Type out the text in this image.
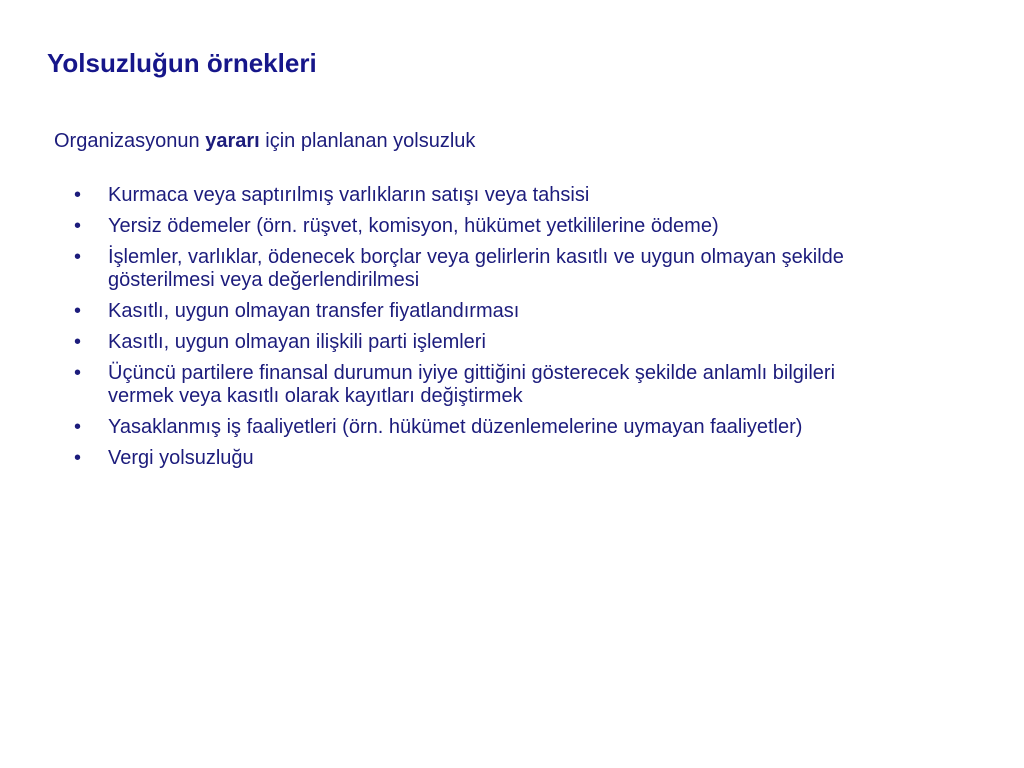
Yolsuzluğun örnekleri

Organizasyonun yararı için planlanan yolsuzluk

• Kurmaca veya saptırılmış varlıkların satışı veya tahsisi
• Yersiz ödemeler (örn. rüşvet, komisyon, hükümet yetkililerine ödeme)
• İşlemler, varlıklar, ödenecek borçlar veya gelirlerin kasıtlı ve uygun olmayan şekilde gösterilmesi veya değerlendirilmesi
• Kasıtlı, uygun olmayan transfer fiyatlandırması
• Kasıtlı, uygun olmayan ilişkili parti işlemleri
• Üçüncü partilere finansal durumun iyiye gittiğini gösterecek şekilde anlamlı bilgileri vermek veya kasıtlı olarak kayıtları değiştirmek
• Yasaklanmış iş faaliyetleri (örn. hükümet düzenlemelerine uymayan faaliyetler)
• Vergi yolsuzluğu
